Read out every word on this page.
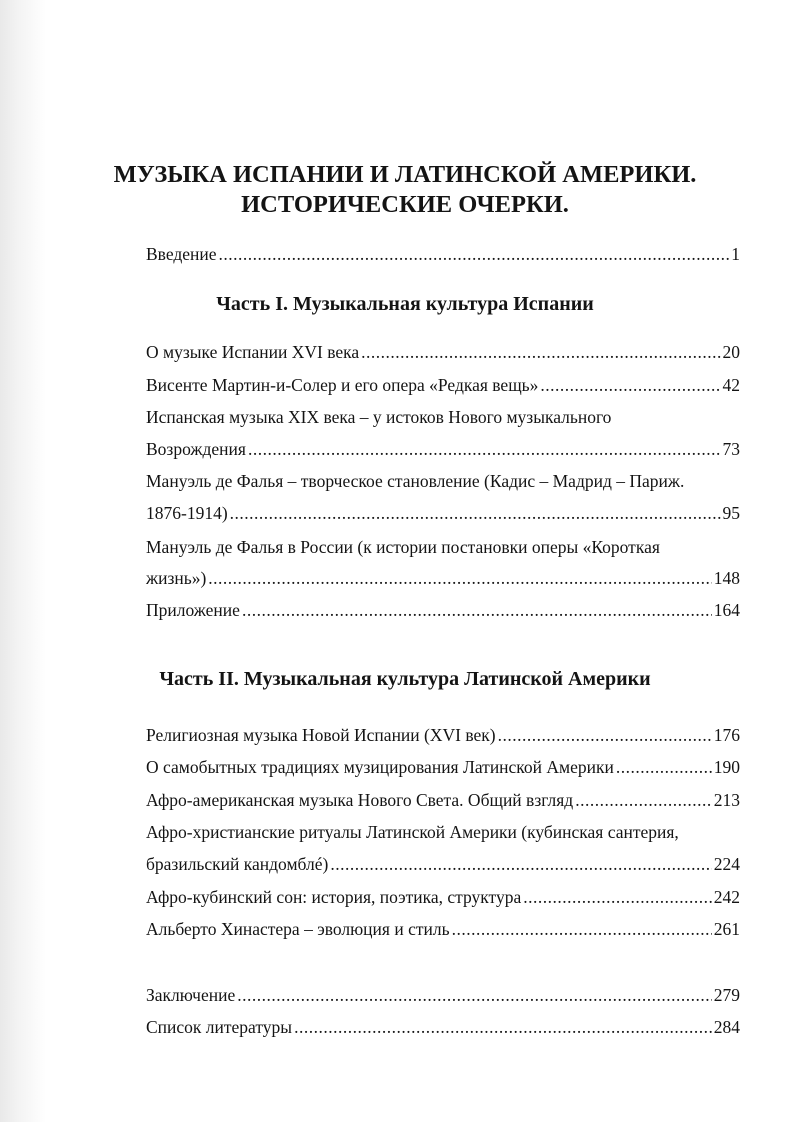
МУЗЫКА ИСПАНИИ И ЛАТИНСКОЙ АМЕРИКИ.
ИСТОРИЧЕСКИЕ ОЧЕРКИ.
Введение .....	1
Часть I. Музыкальная культура Испании
О музыке Испании XVI века .....	20
Висенте Мартин-и-Солер и его опера «Редкая вещь» .....	42
Испанская музыка XIX века – у истоков Нового музыкального
Возрождения .....	73
Мануэль де Фалья – творческое становление (Кадис – Мадрид – Париж.
1876-1914) .....	95
Мануэль де Фалья в России (к истории постановки оперы «Короткая
жизнь») .....	148
Приложение .....	164
Часть II. Музыкальная культура Латинской Америки
Религиозная музыка Новой Испании (XVI век) .....	176
О самобытных традициях музицирования Латинской Америки .....	190
Афро-американская музыка Нового Света. Общий взгляд .....	213
Афро-христианские ритуалы Латинской Америки (кубинская сантерия,
бразильский кандомблé) .....	224
Афро-кубинский сон: история, поэтика, структура .....	242
Альберто Хинастера – эволюция и стиль .....	261
Заключение .....	279
Список литературы .....	284
